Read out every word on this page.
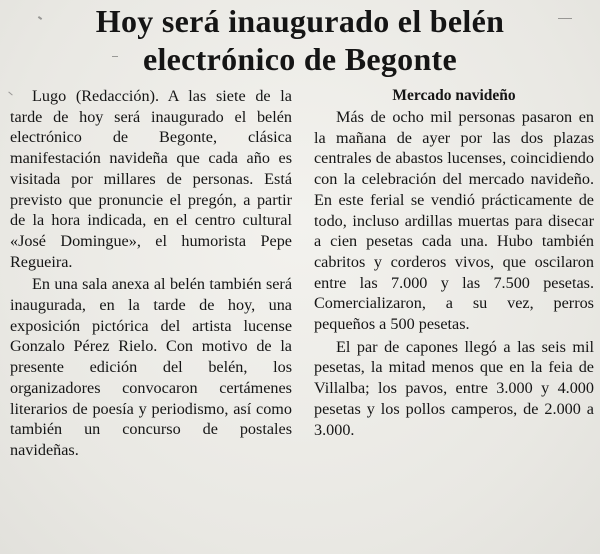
Hoy será inaugurado el belén
electrónico de Begonte

Lugo (Redacción). A las siete de la tarde de hoy será inaugurado el belén electrónico de Begonte, clásica manifestación navideña que cada año es visitada por millares de personas. Está previsto que pronuncie el pregón, a partir de la hora indicada, en el centro cultural «José Domingue», el humorista Pepe Regueira.

En una sala anexa al belén también será inaugurada, en la tarde de hoy, una exposición pictórica del artista lucense Gonzalo Pérez Rielo. Con motivo de la presente edición del belén, los organizadores convocaron certámenes literarios de poesía y periodismo, así como también un concurso de postales navideñas.

Mercado navideño

Más de ocho mil personas pasaron en la mañana de ayer por las dos plazas centrales de abastos lucenses, coincidiendo con la celebración del mercado navideño. En este ferial se vendió prácticamente de todo, incluso ardillas muertas para disecar a cien pesetas cada una. Hubo también cabritos y corderos vivos, que oscilaron entre las 7.000 y las 7.500 pesetas. Comercializaron, a su vez, perros pequeños a 500 pesetas.

El par de capones llegó a las seis mil pesetas, la mitad menos que en la feia de Villalba; los pavos, entre 3.000 y 4.000 pesetas y los pollos camperos, de 2.000 a 3.000.
